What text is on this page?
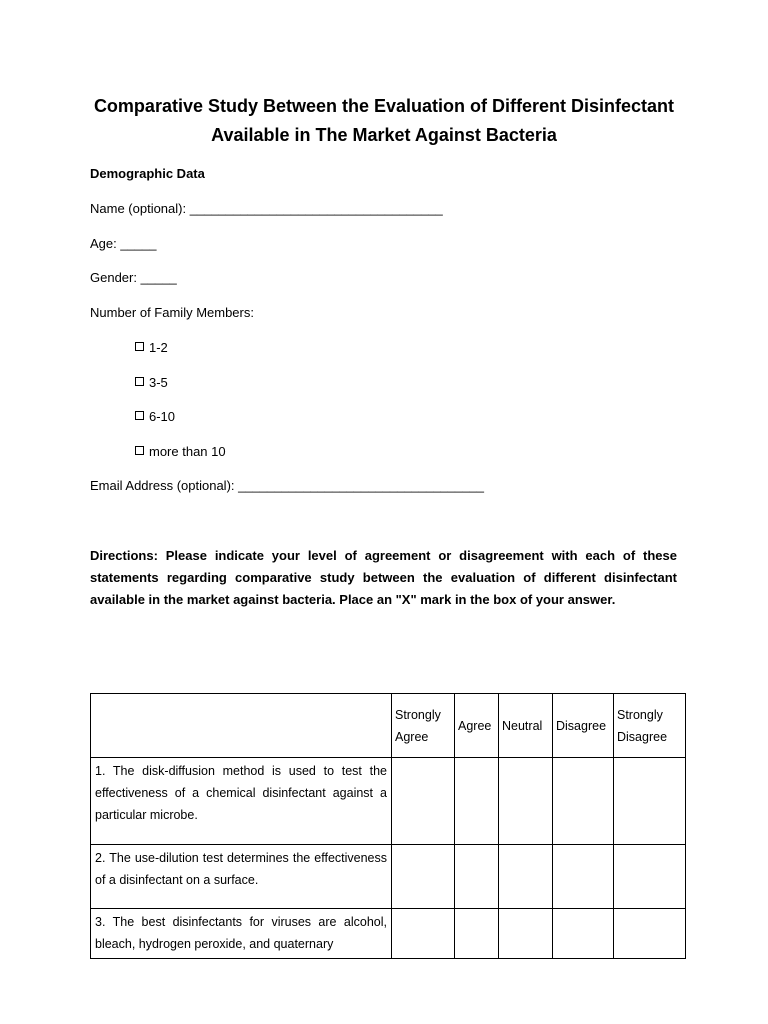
Comparative Study Between the Evaluation of Different Disinfectant Available in The Market Against Bacteria
Demographic Data
Name (optional): ___________________________________
Age: _____
Gender: _____
Number of Family Members:
1-2
3-5
6-10
more than 10
Email Address (optional): __________________________________
Directions: Please indicate your level of agreement or disagreement with each of these statements regarding comparative study between the evaluation of different disinfectant available in the market against bacteria. Place an "X" mark in the box of your answer.
	Strongly Agree	Agree	Neutral	Disagree	Strongly Disagree
1. The disk-diffusion method is used to test the effectiveness of a chemical disinfectant against a particular microbe.					
2. The use-dilution test determines the effectiveness of a disinfectant on a surface.					

3. The best disinfectants for viruses are alcohol, bleach, hydrogen peroxide, and quaternary					
